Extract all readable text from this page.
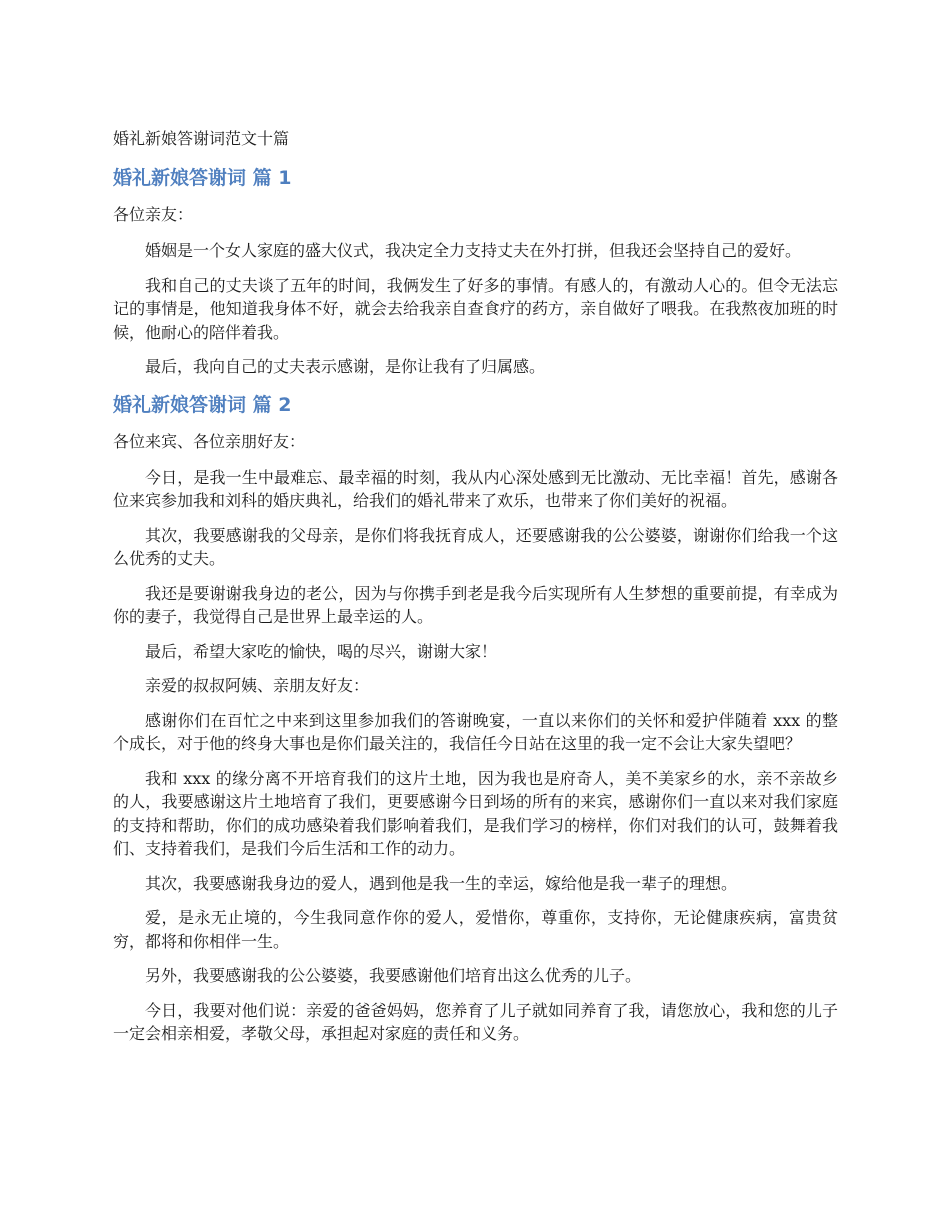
婚礼新娘答谢词范文十篇

婚礼新娘答谢词 篇 1

各位亲友：

婚姻是一个女人家庭的盛大仪式，我决定全力支持丈夫在外打拼，但我还会坚持自己的爱好。

我和自己的丈夫谈了五年的时间，我俩发生了好多的事情。有感人的，有激动人心的。但令无法忘记的事情是，他知道我身体不好，就会去给我亲自查食疗的药方，亲自做好了喂我。在我熬夜加班的时候，他耐心的陪伴着我。

最后，我向自己的丈夫表示感谢，是你让我有了归属感。

婚礼新娘答谢词 篇 2

各位来宾、各位亲朋好友：

今日，是我一生中最难忘、最幸福的时刻，我从内心深处感到无比激动、无比幸福！首先，感谢各位来宾参加我和刘科的婚庆典礼，给我们的婚礼带来了欢乐，也带来了你们美好的祝福。

其次，我要感谢我的父母亲，是你们将我抚育成人，还要感谢我的公公婆婆，谢谢你们给我一个这么优秀的丈夫。

我还是要谢谢我身边的老公，因为与你携手到老是我今后实现所有人生梦想的重要前提，有幸成为你的妻子，我觉得自己是世界上最幸运的人。

最后，希望大家吃的愉快，喝的尽兴，谢谢大家！

亲爱的叔叔阿姨、亲朋友好友：

感谢你们在百忙之中来到这里参加我们的答谢晚宴，一直以来你们的关怀和爱护伴随着 xxx 的整个成长，对于他的终身大事也是你们最关注的，我信任今日站在这里的我一定不会让大家失望吧？

我和 xxx 的缘分离不开培育我们的这片土地，因为我也是府奇人，美不美家乡的水，亲不亲故乡的人，我要感谢这片土地培育了我们，更要感谢今日到场的所有的来宾，感谢你们一直以来对我们家庭的支持和帮助，你们的成功感染着我们影响着我们，是我们学习的榜样，你们对我们的认可，鼓舞着我们、支持着我们，是我们今后生活和工作的动力。

其次，我要感谢我身边的爱人，遇到他是我一生的幸运，嫁给他是我一辈子的理想。

爱，是永无止境的，今生我同意作你的爱人，爱惜你，尊重你，支持你，无论健康疾病，富贵贫穷，都将和你相伴一生。

另外，我要感谢我的公公婆婆，我要感谢他们培育出这么优秀的儿子。

今日，我要对他们说：亲爱的爸爸妈妈，您养育了儿子就如同养育了我，请您放心，我和您的儿子一定会相亲相爱，孝敬父母，承担起对家庭的责任和义务。
